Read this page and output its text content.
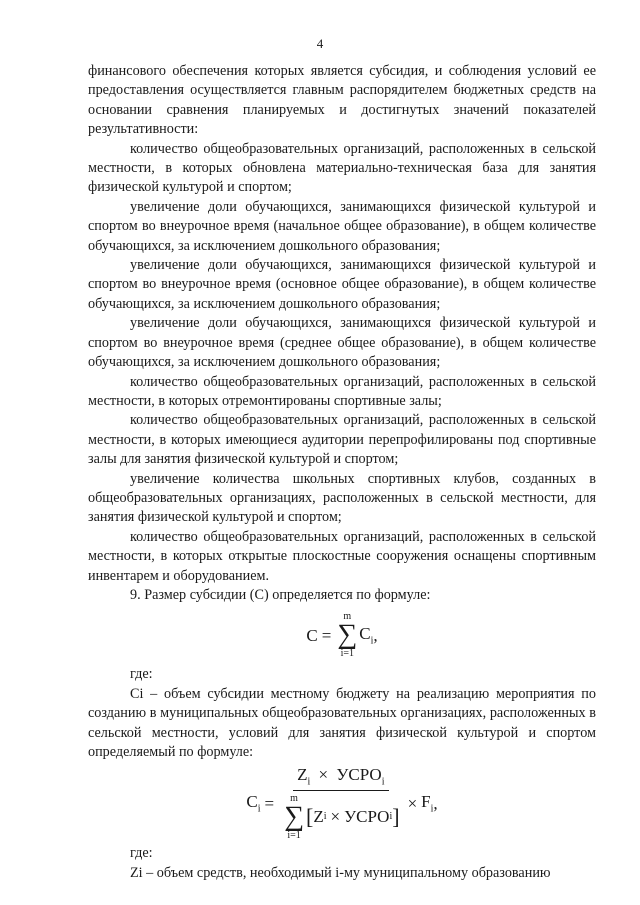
4

финансового обеспечения которых является субсидия, и соблюдения условий ее предоставления осуществляется главным распорядителем бюджетных средств на основании сравнения планируемых и достигнутых значений показателей результативности:

количество общеобразовательных организаций, расположенных в сельской местности, в которых обновлена материально-техническая база для занятия физической культурой и спортом;

увеличение доли обучающихся, занимающихся физической культурой и спортом во внеурочное время (начальное общее образование), в общем количестве обучающихся, за исключением дошкольного образования;

увеличение доли обучающихся, занимающихся физической культурой и спортом во внеурочное время (основное общее образование), в общем количестве обучающихся, за исключением дошкольного образования;

увеличение доли обучающихся, занимающихся физической культурой и спортом во внеурочное время (среднее общее образование), в общем количестве обучающихся, за исключением дошкольного образования;

количество общеобразовательных организаций, расположенных в сельской местности, в которых отремонтированы спортивные залы;

количество общеобразовательных организаций, расположенных в сельской местности, в которых имеющиеся аудитории перепрофилированы под спортивные залы для занятия физической культурой и спортом;

увеличение количества школьных спортивных клубов, созданных в общеобразовательных организациях, расположенных в сельской местности, для занятия физической культурой и спортом;

количество общеобразовательных организаций, расположенных в сельской местности, в которых открытые плоскостные сооружения оснащены спортивным инвентарем и оборудованием.

9. Размер субсидии (С) определяется по формуле:

C =
m
∑
i=1
$C_i$ ,

где:

Ci – объем субсидии местному бюджету на реализацию мероприятия по созданию в муниципальных общеобразовательных организациях, расположенных в сельской местности, условий для занятия физической культурой и спортом определяемый по формуле:

$C_i$ =
$Z_i$ × $УСРО_i$
m
∑
i=1
[ Z i × УСРО i ]
× $F_i$ ,

где:

Zi – объем средств, необходимый i-му муниципальному образованию
